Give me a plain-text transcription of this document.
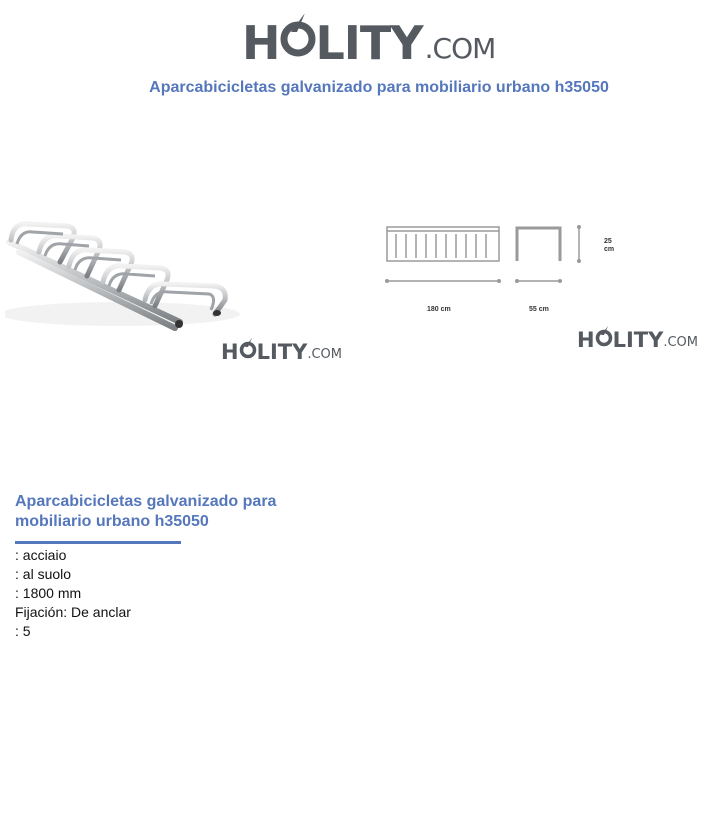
H LITY .COM
Aparcabicicletas galvanizado para mobiliario urbano h35050
H LITY .COM
180 cm	55 cm
25
cm
H LITY .COM
Aparcabicicletas galvanizado para mobiliario urbano h35050
: acciaio
: al suolo
: 1800 mm
Fijación: De anclar
: 5
